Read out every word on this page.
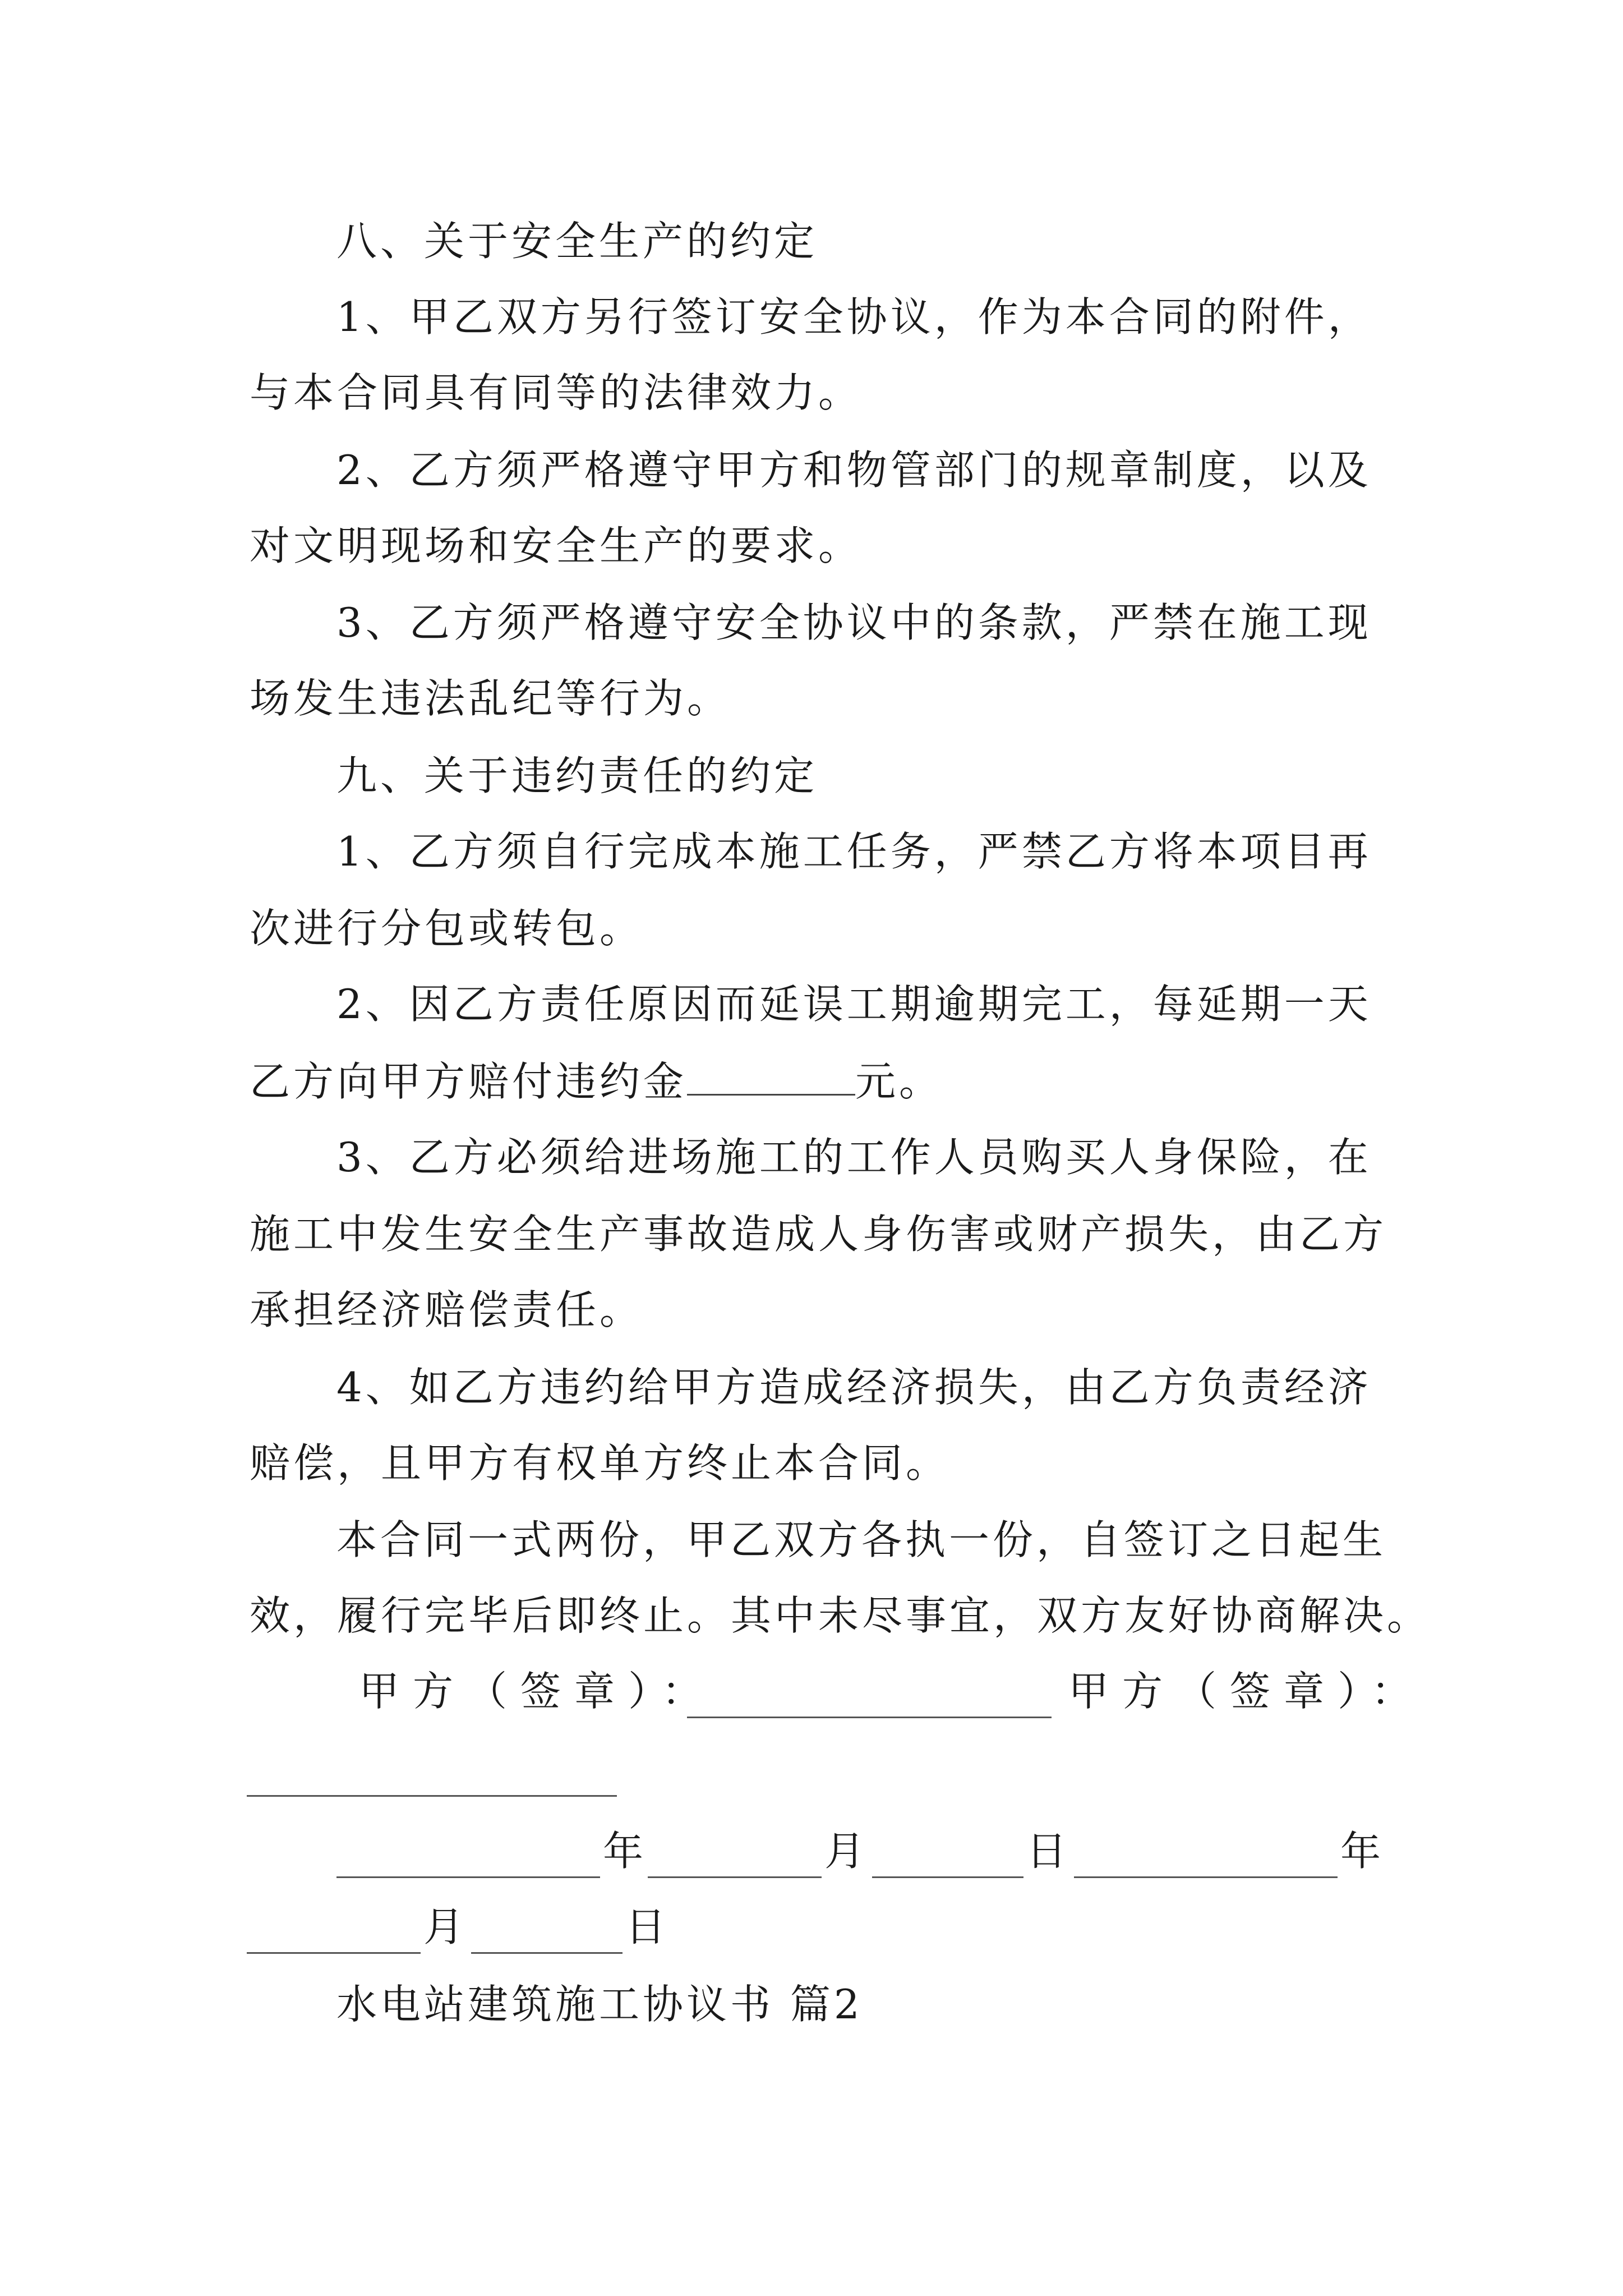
八、关于安全生产的约定
1、甲乙双方另行签订安全协议，作为本合同的附件，
与本合同具有同等的法律效力。
2、乙方须严格遵守甲方和物管部门的规章制度，以及
对文明现场和安全生产的要求。
3、乙方须严格遵守安全协议中的条款，严禁在施工现
场发生违法乱纪等行为。
九、关于违约责任的约定
1、乙方须自行完成本施工任务，严禁乙方将本项目再
次进行分包或转包。
2、因乙方责任原因而延误工期逾期完工，每延期一天
乙方向甲方赔付违约金	元。
3、乙方必须给进场施工的工作人员购买人身保险，在
施工中发生安全生产事故造成人身伤害或财产损失，由乙方
承担经济赔偿责任。
4、如乙方违约给甲方造成经济损失，由乙方负责经济
赔偿，且甲方有权单方终止本合同。
本合同一式两份，甲乙双方各执一份，自签订之日起生
效，履行完毕后即终止。其中未尽事宜，双方友好协商解决。
甲方（签章）：	甲方（签章）：
年	月	日	年
月	日
水电站建筑施工协议书 篇2
